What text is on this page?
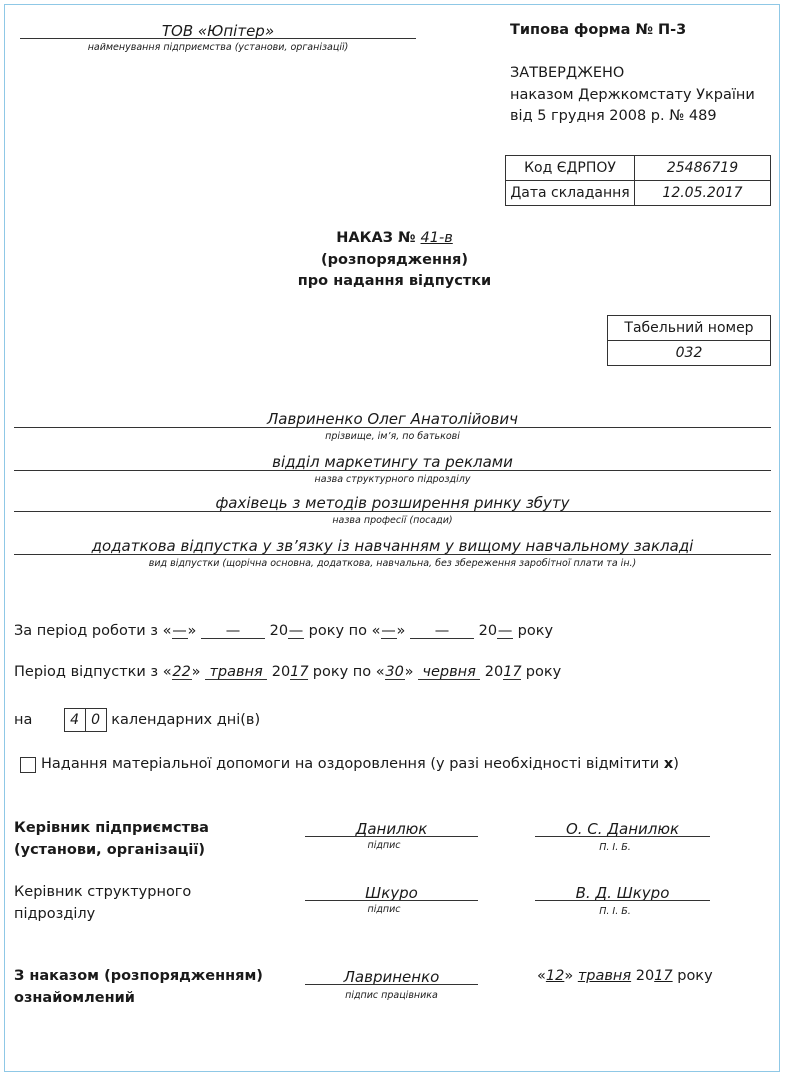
ТОВ «Юпітер»
найменування підприємства (установи, організації)
Типова форма № П-3
ЗАТВЕРДЖЕНО
наказом Держкомстату України
від 5 грудня 2008 р. № 489
Код ЄДРПОУ	25486719
Дата складання	12.05.2017
НАКАЗ № 41-в
(розпорядження)
про надання відпустки
Табельний номер
032
Лавриненко Олег Анатолійович
прізвище, ім’я, по батькові
відділ маркетингу та реклами
назва структурного підрозділу
фахівець з методів розширення ринку збуту
назва професії (посади)
додаткова відпустка у зв’язку із навчанням у вищому навчальному закладі
вид відпустки (щорічна основна, додаткова, навчальна, без збереження заробітної плати та ін.)
За період роботи з «—» — 20— року по «—» — 20— року
Період відпустки з «22» травня 2017 року по «30» червня 2017 року
на	4 0 календарних дні(в)
Надання матеріальної допомоги на оздоровлення (у разі необхідності відмітити x)
Керівник підприємства
(установи, організації)
Данилюк
підпис
О. С. Данилюк
П. І. Б.
Керівник структурного
підрозділу
Шкуро
підпис
В. Д. Шкуро
П. І. Б.
З наказом (розпорядженням)
ознайомлений
Лавриненко
підпис працівника
«12» травня 2017 року
